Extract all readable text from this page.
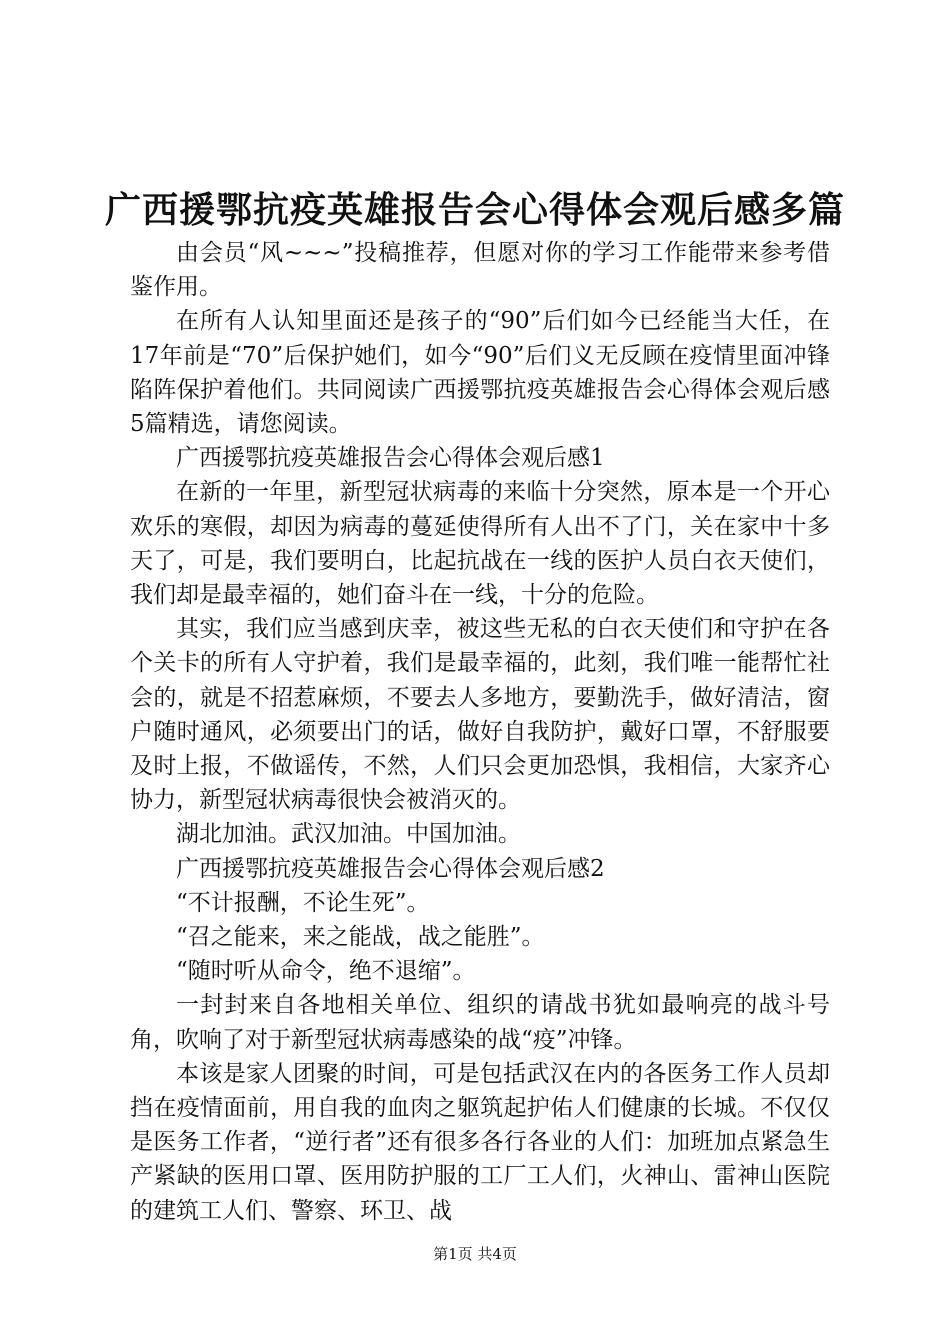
广西援鄂抗疫英雄报告会心得体会观后感多篇

由会员“风~~~”投稿推荐，但愿对你的学习工作能带来参考借鉴作用。

在所有人认知里面还是孩子的“90”后们如今已经能当大任，在17年前是“70”后保护她们，如今“90”后们义无反顾在疫情里面冲锋陷阵保护着他们。共同阅读广西援鄂抗疫英雄报告会心得体会观后感5篇精选，请您阅读。

广西援鄂抗疫英雄报告会心得体会观后感1

在新的一年里，新型冠状病毒的来临十分突然，原本是一个开心欢乐的寒假，却因为病毒的蔓延使得所有人出不了门，关在家中十多天了，可是，我们要明白，比起抗战在一线的医护人员白衣天使们，我们却是最幸福的，她们奋斗在一线，十分的危险。

其实，我们应当感到庆幸，被这些无私的白衣天使们和守护在各个关卡的所有人守护着，我们是最幸福的，此刻，我们唯一能帮忙社会的，就是不招惹麻烦，不要去人多地方，要勤洗手，做好清洁，窗户随时通风，必须要出门的话，做好自我防护，戴好口罩，不舒服要及时上报，不做谣传，不然，人们只会更加恐惧，我相信，大家齐心协力，新型冠状病毒很快会被消灭的。

湖北加油。武汉加油。中国加油。

广西援鄂抗疫英雄报告会心得体会观后感2

“不计报酬，不论生死”。

“召之能来，来之能战，战之能胜”。

“随时听从命令，绝不退缩”。

一封封来自各地相关单位、组织的请战书犹如最响亮的战斗号角，吹响了对于新型冠状病毒感染的战“疫”冲锋。

本该是家人团聚的时间，可是包括武汉在内的各医务工作人员却挡在疫情面前，用自我的血肉之躯筑起护佑人们健康的长城。不仅仅是医务工作者，“逆行者”还有很多各行各业的人们：加班加点紧急生产紧缺的医用口罩、医用防护服的工厂工人们，火神山、雷神山医院的建筑工人们、警察、环卫、战

第1页 共4页
